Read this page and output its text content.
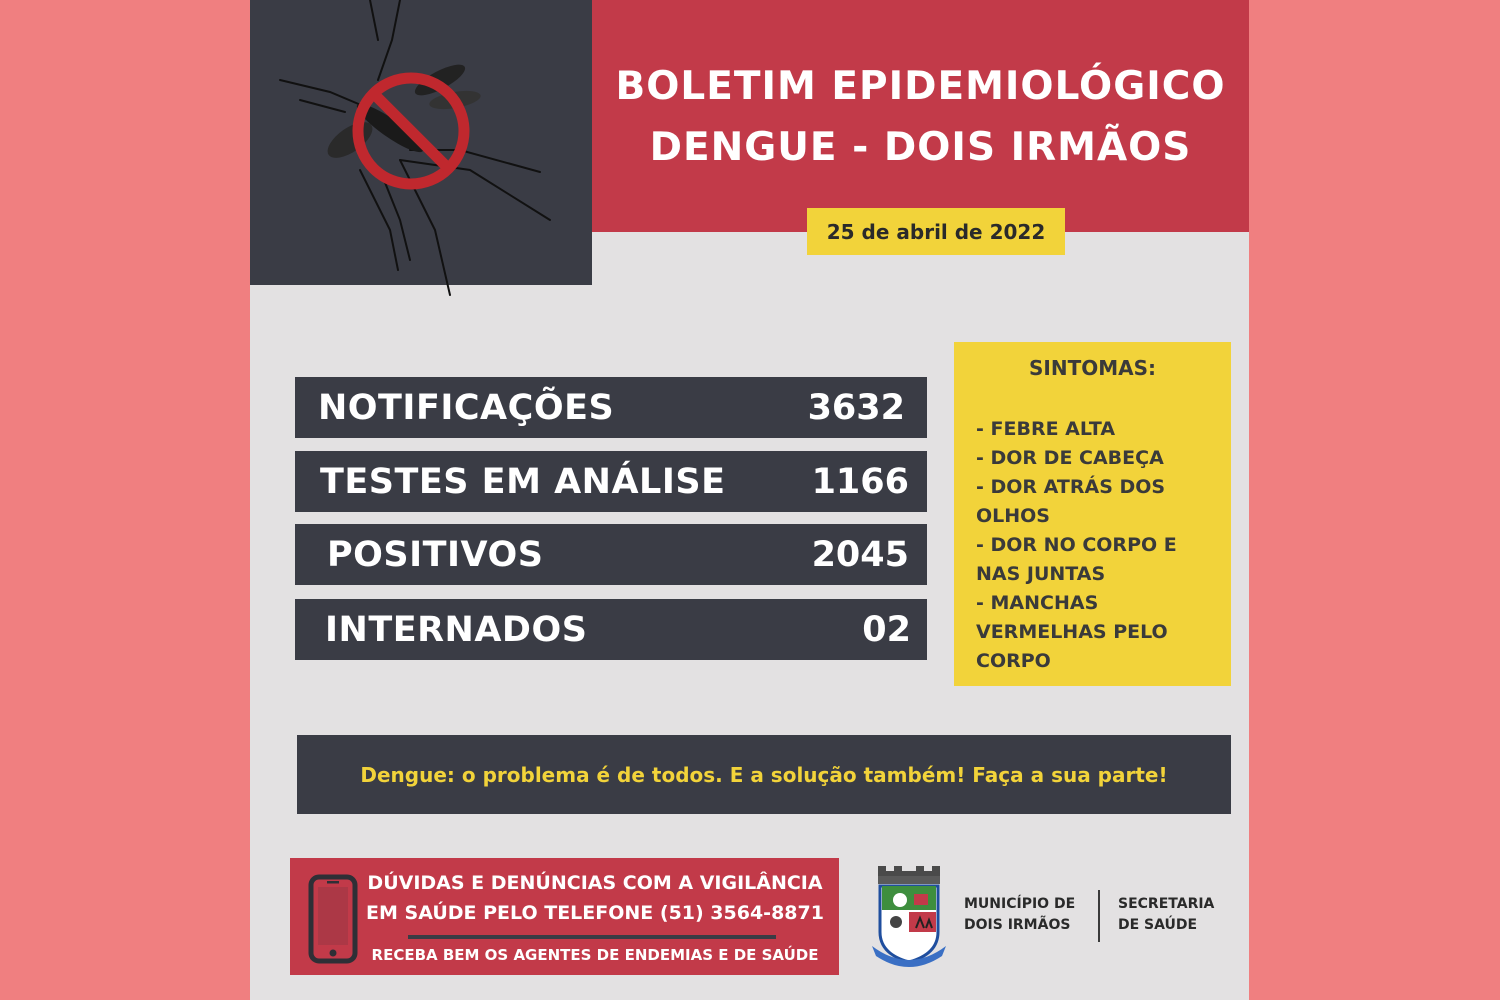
BOLETIM EPIDEMIOLÓGICO
DENGUE - DOIS IRMÃOS
25 de abril de 2022
NOTIFICAÇÕES	3632
TESTES EM ANÁLISE 1166
POSITIVOS	2045
INTERNADOS	02
SINTOMAS:
- FEBRE ALTA
- DOR DE CABEÇA
- DOR ATRÁS DOS OLHOS
- DOR NO CORPO E NAS JUNTAS
- MANCHAS VERMELHAS PELO CORPO
Dengue: o problema é de todos. E a solução também! Faça a sua parte!
DÚVIDAS E DENÚNCIAS COM A VIGILÂNCIA
EM SAÚDE PELO TELEFONE (51) 3564-8871
RECEBA BEM OS AGENTES DE ENDEMIAS E DE SAÚDE
MUNICÍPIO DE
DOIS IRMÃOS
SECRETARIA
DE SAÚDE
